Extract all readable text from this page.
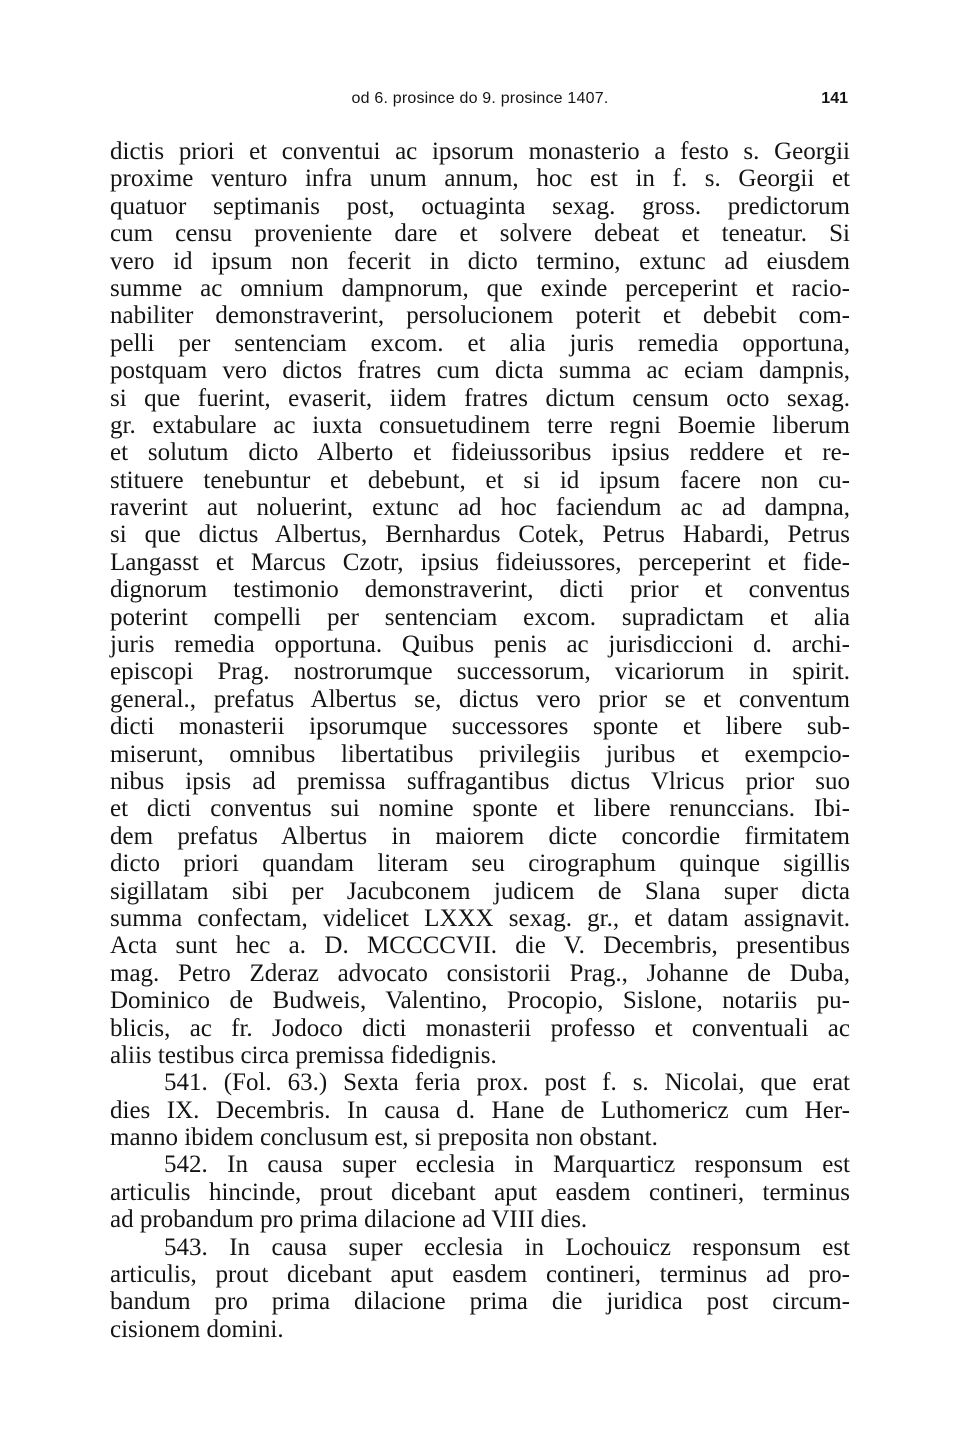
od 6. prosince do 9. prosince 1407.	141
dictis priori et conventui ac ipsorum monasterio a festo s. Georgii
proxime venturo infra unum annum, hoc est in f. s. Georgii et
quatuor septimanis post, octuaginta sexag. gross. predictorum
cum censu proveniente dare et solvere debeat et teneatur. Si
vero id ipsum non fecerit in dicto termino, extunc ad eiusdem
summe ac omnium dampnorum, que exinde perceperint et racio-
nabiliter demonstraverint, persolucionem poterit et debebit com-
pelli per sentenciam excom. et alia juris remedia opportuna,
postquam vero dictos fratres cum dicta summa ac eciam dampnis,
si que fuerint, evaserit, iidem fratres dictum censum octo sexag.
gr. extabulare ac iuxta consuetudinem terre regni Boemie liberum
et solutum dicto Alberto et fideiussoribus ipsius reddere et re-
stituere tenebuntur et debebunt, et si id ipsum facere non cu-
raverint aut noluerint, extunc ad hoc faciendum ac ad dampna,
si que dictus Albertus, Bernhardus Cotek, Petrus Habardi, Petrus
Langasst et Marcus Czotr, ipsius fideiussores, perceperint et fide-
dignorum testimonio demonstraverint, dicti prior et conventus
poterint compelli per sentenciam excom. supradictam et alia
juris remedia opportuna. Quibus penis ac jurisdiccioni d. archi-
episcopi Prag. nostrorumque successorum, vicariorum in spirit.
general., prefatus Albertus se, dictus vero prior se et conventum
dicti monasterii ipsorumque successores sponte et libere sub-
miserunt, omnibus libertatibus privilegiis juribus et exempcio-
nibus ipsis ad premissa suffragantibus dictus Vlricus prior suo
et dicti conventus sui nomine sponte et libere renunccians. Ibi-
dem prefatus Albertus in maiorem dicte concordie firmitatem
dicto priori quandam literam seu cirographum quinque sigillis
sigillatam sibi per Jacubconem judicem de Slana super dicta
summa confectam, videlicet LXXX sexag. gr., et datam assignavit.
Acta sunt hec a. D. MCCCCVII. die V. Decembris, presentibus
mag. Petro Zderaz advocato consistorii Prag., Johanne de Duba,
Dominico de Budweis, Valentino, Procopio, Sislone, notariis pu-
blicis, ac fr. Jodoco dicti monasterii professo et conventuali ac
aliis testibus circa premissa fidedignis.
541. (Fol. 63.) Sexta feria prox. post f. s. Nicolai, que erat
dies IX. Decembris. In causa d. Hane de Luthomericz cum Her-
manno ibidem conclusum est, si preposita non obstant.
542. In causa super ecclesia in Marquarticz responsum est
articulis hincinde, prout dicebant aput easdem contineri, terminus
ad probandum pro prima dilacione ad VIII dies.
543. In causa super ecclesia in Lochouicz responsum est
articulis, prout dicebant aput easdem contineri, terminus ad pro-
bandum pro prima dilacione prima die juridica post circum-
cisionem domini.
